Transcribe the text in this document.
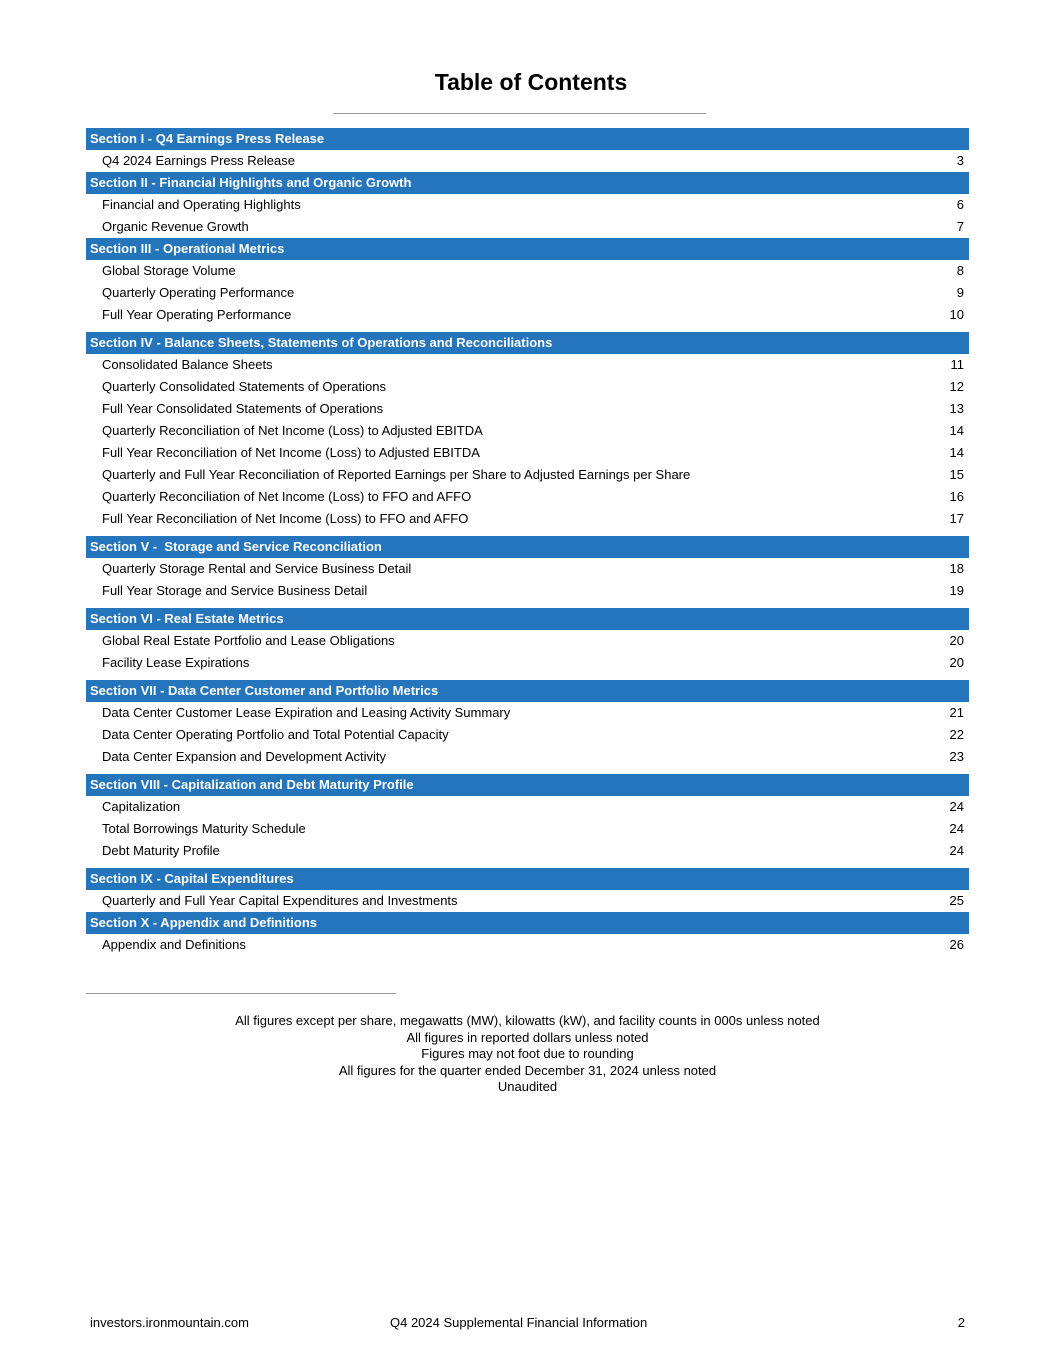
Table of Contents
Section I - Q4 Earnings Press Release
Q4 2024 Earnings Press Release	3
Section II - Financial Highlights and Organic Growth
Financial and Operating Highlights	6
Organic Revenue Growth	7
Section III - Operational Metrics
Global Storage Volume	8
Quarterly Operating Performance	9
Full Year Operating Performance	10
Section IV - Balance Sheets, Statements of Operations and Reconciliations
Consolidated Balance Sheets	11
Quarterly Consolidated Statements of Operations	12
Full Year Consolidated Statements of Operations	13
Quarterly Reconciliation of Net Income (Loss) to Adjusted EBITDA	14
Full Year Reconciliation of Net Income (Loss) to Adjusted EBITDA	14
Quarterly and Full Year Reconciliation of Reported Earnings per Share to Adjusted Earnings per Share	15
Quarterly Reconciliation of Net Income (Loss) to FFO and AFFO	16
Full Year Reconciliation of Net Income (Loss) to FFO and AFFO	17
Section V -  Storage and Service Reconciliation
Quarterly Storage Rental and Service Business Detail	18
Full Year Storage and Service Business Detail	19
Section VI - Real Estate Metrics
Global Real Estate Portfolio and Lease Obligations	20
Facility Lease Expirations	20
Section VII - Data Center Customer and Portfolio Metrics
Data Center Customer Lease Expiration and Leasing Activity Summary	21
Data Center Operating Portfolio and Total Potential Capacity	22
Data Center Expansion and Development Activity	23
Section VIII - Capitalization and Debt Maturity Profile
Capitalization	24
Total Borrowings Maturity Schedule	24
Debt Maturity Profile	24
Section IX - Capital Expenditures
Quarterly and Full Year Capital Expenditures and Investments	25
Section X - Appendix and Definitions
Appendix and Definitions	26
All figures except per share, megawatts (MW), kilowatts (kW), and facility counts in 000s unless noted
All figures in reported dollars unless noted
Figures may not foot due to rounding
All figures for the quarter ended December 31, 2024 unless noted
Unaudited
investors.ironmountain.com	Q4 2024 Supplemental Financial Information	2
